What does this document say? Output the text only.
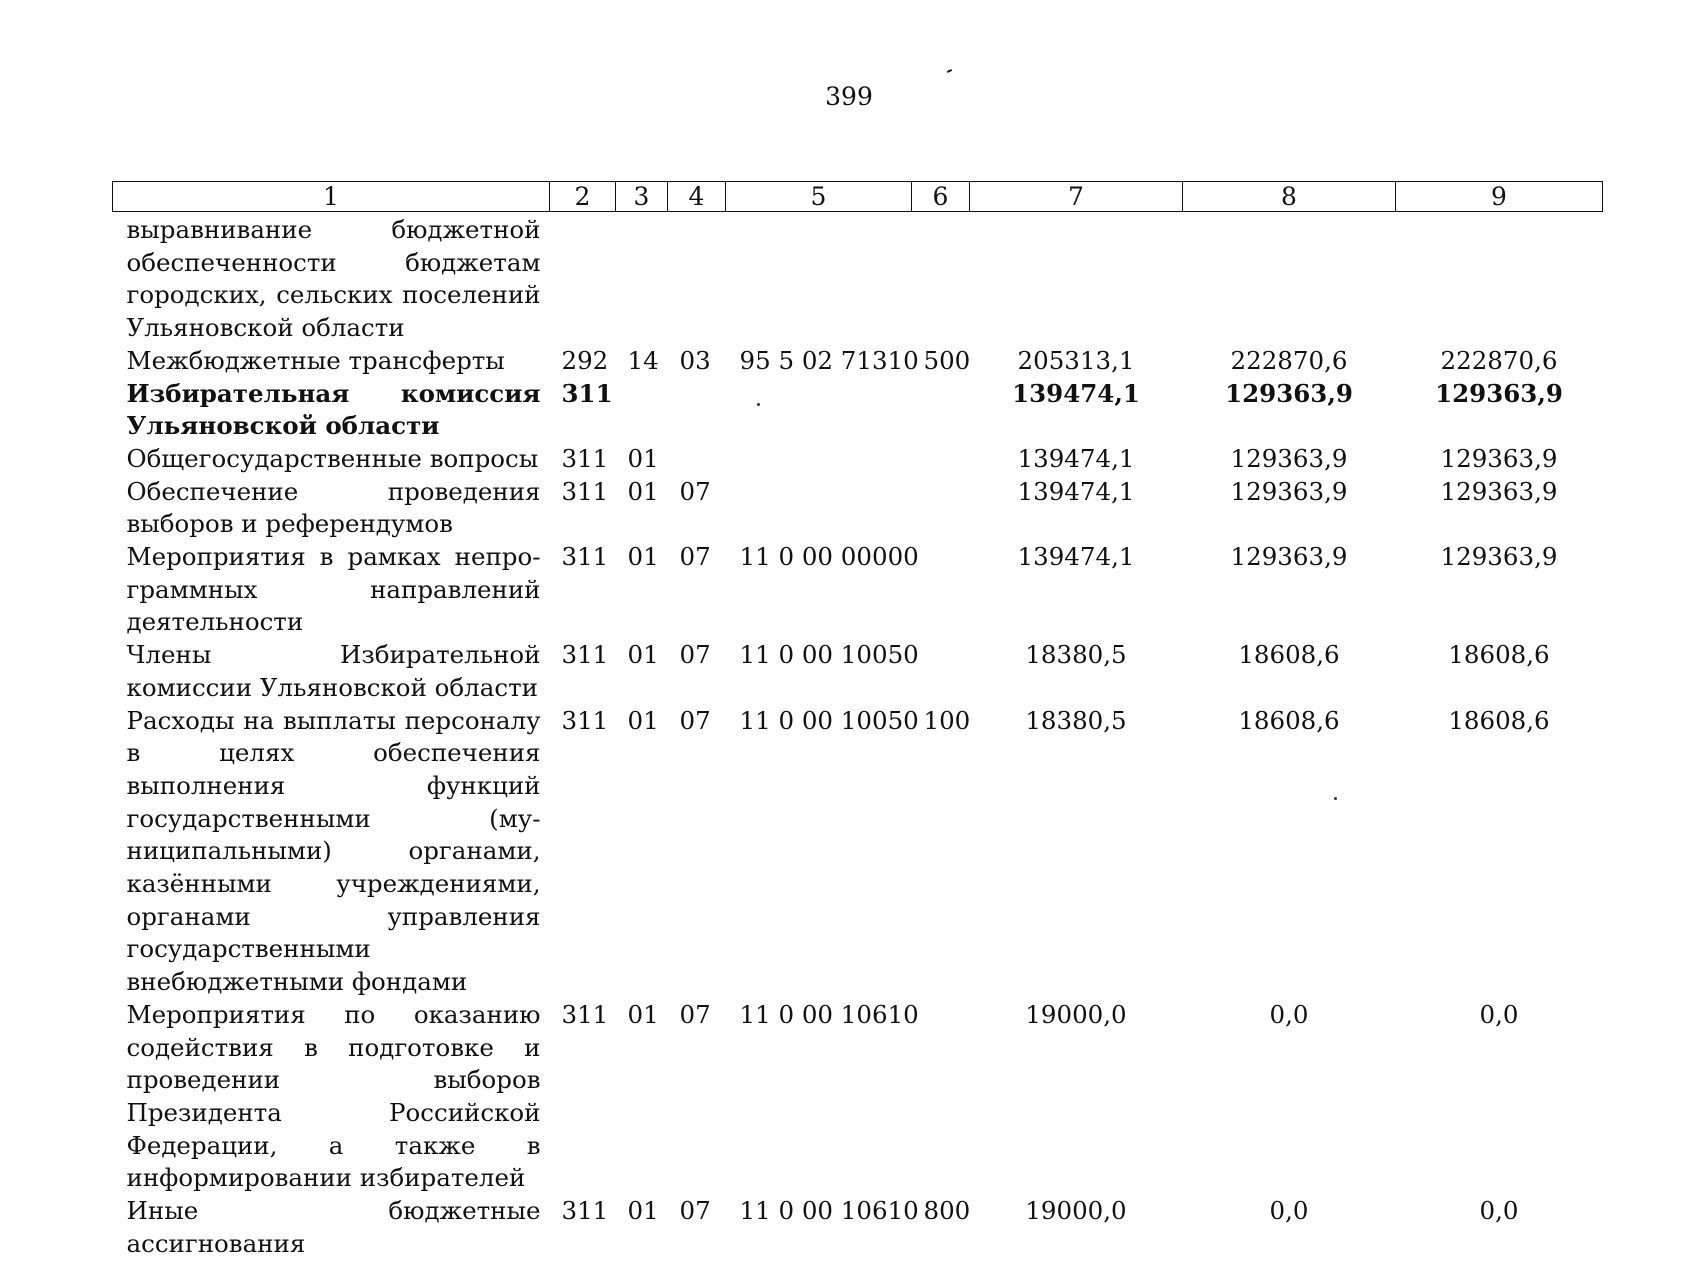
399
1	2	3	4	5	6	7	8	9
выравнивание бюджетной обеспеченности бюджетам городских, сельских поселений Ульяновской области								
Межбюджетные трансферты	292	14	03	95 5 02 71310	500	205313,1	222870,6	222870,6
Избирательная комиссия Ульяновской области	311					139474,1	129363,9	129363,9
Общегосударственные вопросы	311	01				139474,1	129363,9	129363,9
Обеспечение проведения выборов и референдумов	311	01	07			139474,1	129363,9	129363,9
Мероприятия в рамках непрограммных направлений деятельности	311	01	07	11 0 00 00000		139474,1	129363,9	129363,9
Члены Избирательной комиссии Ульяновской области	311	01	07	11 0 00 10050		18380,5	18608,6	18608,6
Расходы на выплаты персоналу в целях обеспечения выполнения функций государственными (муниципальными) органами, казёнными учреждениями, органами управления государственными внебюджетными фондами	311	01	07	11 0 00 10050	100	18380,5	18608,6	18608,6
Мероприятия по оказанию содействия в подготовке и проведении выборов Президента Российской Федерации, а также в информировании избирателей	311	01	07	11 0 00 10610		19000,0	0,0	0,0
Иные бюджетные ассигнования	311	01	07	11 0 00 10610	800	19000,0	0,0	0,0
